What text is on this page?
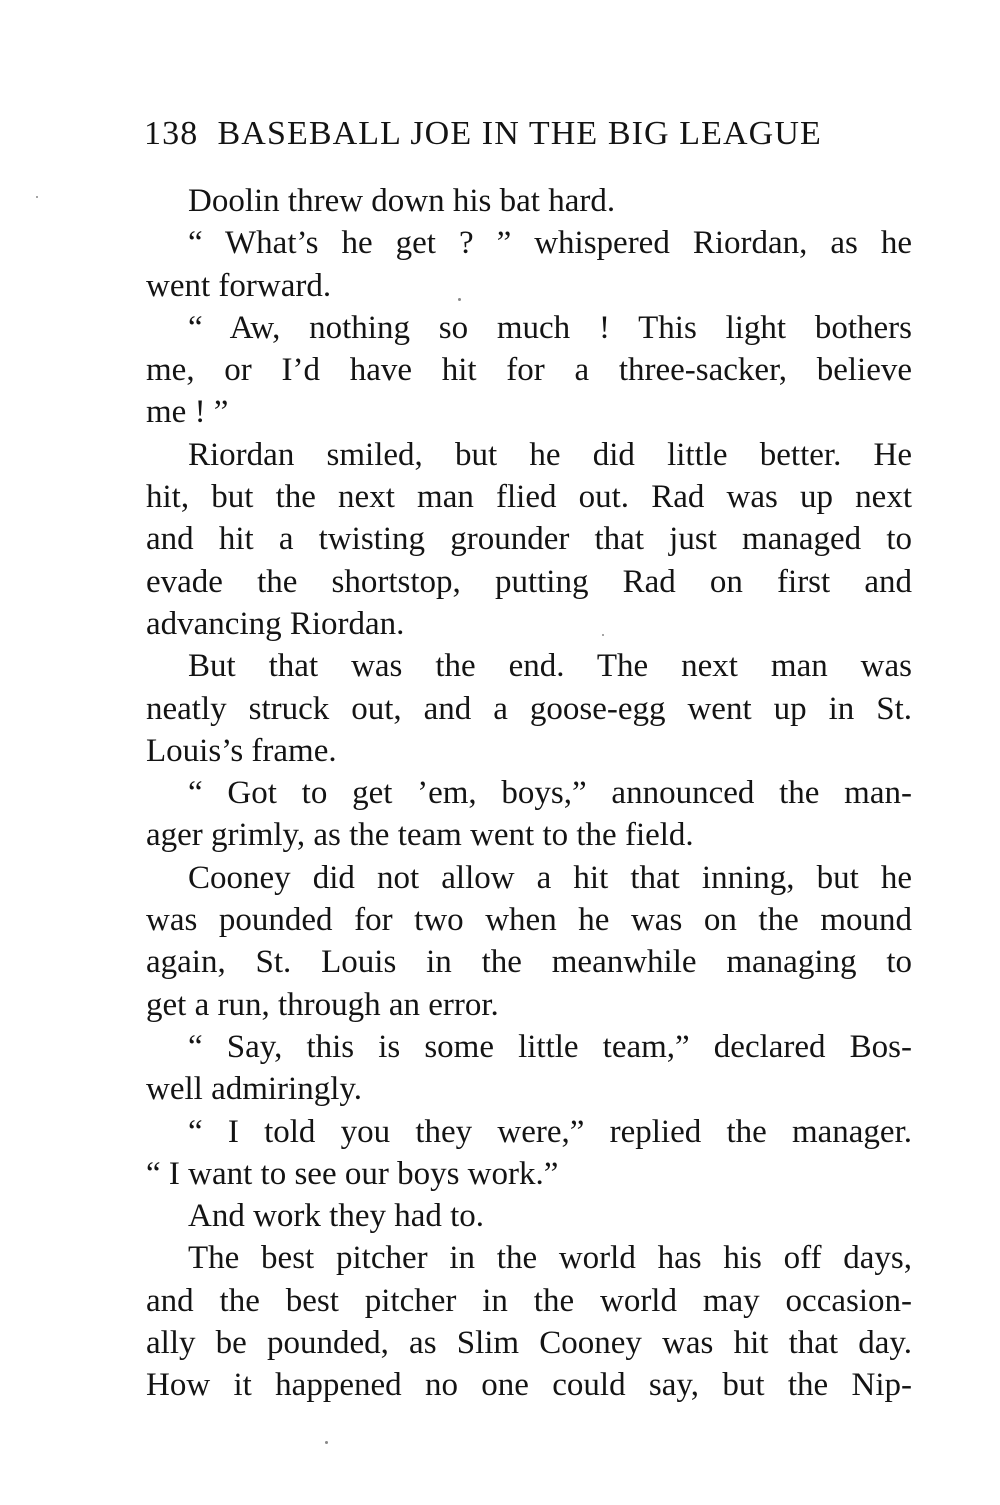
138 BASEBALL JOE IN THE BIG LEAGUE
Doolin threw down his bat hard.
“ What’s he get ? ” whispered Riordan, as he
went forward.
“ Aw, nothing so much ! This light bothers
me, or I’d have hit for a three-sacker, believe
me ! ”
Riordan smiled, but he did little better. He
hit, but the next man flied out. Rad was up next
and hit a twisting grounder that just managed to
evade the shortstop, putting Rad on first and
advancing Riordan.
But that was the end. The next man was
neatly struck out, and a goose-egg went up in St.
Louis’s frame.
“ Got to get ’em, boys,” announced the man-
ager grimly, as the team went to the field.
Cooney did not allow a hit that inning, but he
was pounded for two when he was on the mound
again, St. Louis in the meanwhile managing to
get a run, through an error.
“ Say, this is some little team,” declared Bos-
well admiringly.
“ I told you they were,” replied the manager.
“ I want to see our boys work.”
And work they had to.
The best pitcher in the world has his off days,
and the best pitcher in the world may occasion-
ally be pounded, as Slim Cooney was hit that day.
How it happened no one could say, but the Nip-
